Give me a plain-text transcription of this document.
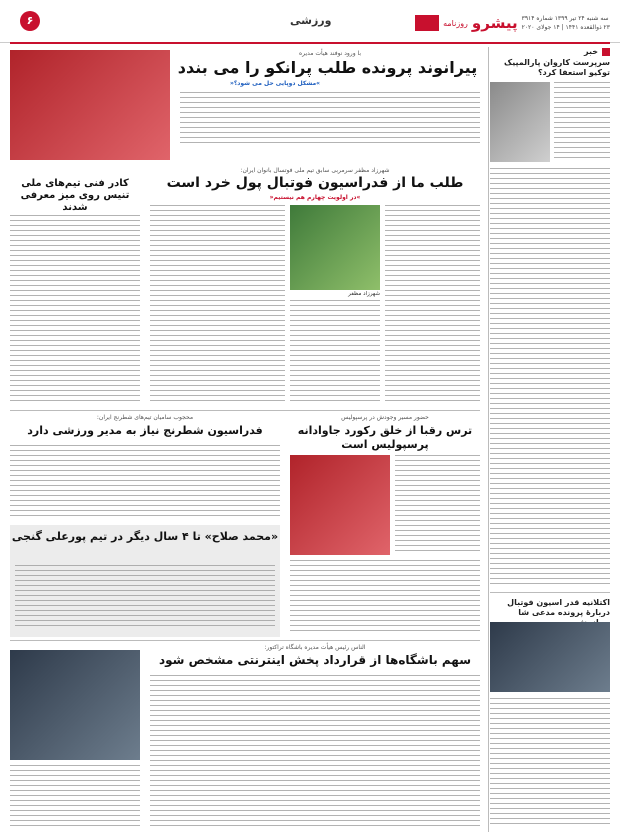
سه شنبه ۲۴ تیر ۱۳۹۹ شماره ۳۹۱۴
۲۳ ذوالقعده ۱۴۴۱ | ۱۴ جولای ۲۰۲۰
پیشرو
روزنامه
ورزشی
۶
خبر
سرپرست کاروان پارالمپیک توکیو استعفا کرد؟
اکتلانیه قدر اسیون فوتبال دربارهٔ پرونده مدعی شا
با ورود نوفند هیأت مدیره
پیرانوند پرونده طلب پرانکو را می بندد
»مشکل دوپایی حل می شود؟«
شهرزاد مظفر سرمربی سابق تیم ملی فوتسال بانوان ایران:
طلب ما از فدراسیون فوتبال پول خرد است
»در اولویت چهارم هم نیستیم«
شهرزاد مظفر
کادر فنی تیم‌های ملی تنیس روی میز معرفی شدند
حضور مسیر وجودش در پرسپولیس
ترس رقبا از خلق رکورد جاوادانه پرسپولیس است
محجوب سامیان تیم‌های شطرنج ایران:
فدراسیون شطرنج نیاز به مدیر ورزشی دارد
«محمد صلاح» تا ۴ سال دیگر در تیم پورعلی گنجی
الناس رئیس هیأت مدیره باشگاه تراکتور:
سهم باشگاه‌ها از قرارداد پخش اینترنتی مشخص شود
